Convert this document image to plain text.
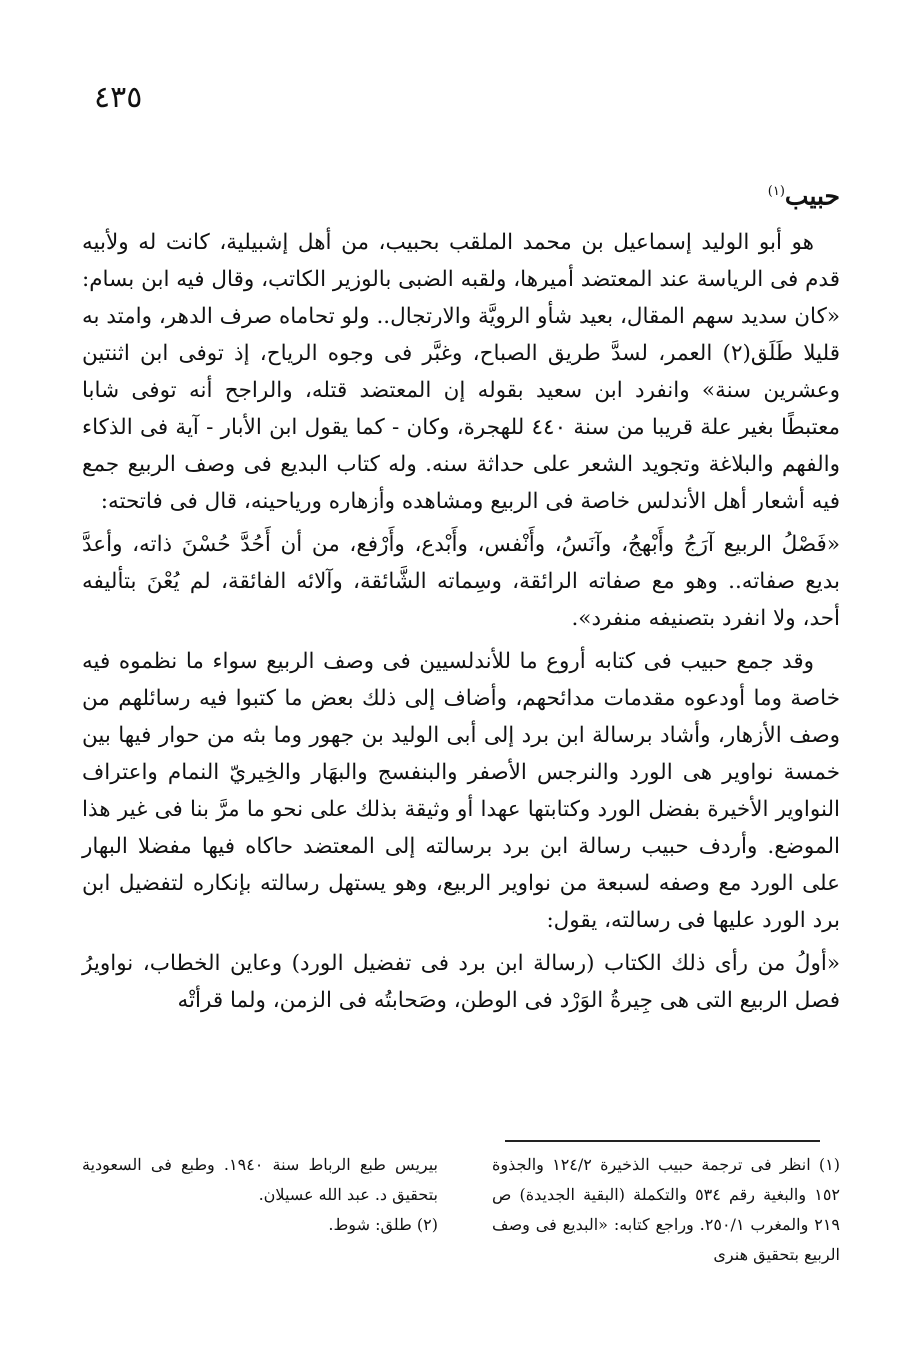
٤٣٥

حبيب$^{(١)}$

هو أبو الوليد إسماعيل بن محمد الملقب بحبيب، من أهل إشبيلية، كانت له ولأبيه قدم فى الرياسة عند المعتضد أميرها، ولقبه الضبى بالوزير الكاتب، وقال فيه ابن بسام: «كان سديد سهم المقال، بعيد شأو الرويَّة والارتجال.. ولو تحاماه صرف الدهر، وامتد به قليلا طَلَق(٢) العمر، لسدَّ طريق الصباح، وغبَّر فى وجوه الرياح، إذ توفى ابن اثنتين وعشرين سنة» وانفرد ابن سعيد بقوله إن المعتضد قتله، والراجح أنه توفى شابا معتبطًا بغير علة قريبا من سنة ٤٤٠ للهجرة، وكان - كما يقول ابن الأبار - آية فى الذكاء والفهم والبلاغة وتجويد الشعر على حداثة سنه. وله كتاب البديع فى وصف الربيع جمع فيه أشعار أهل الأندلس خاصة فى الربيع ومشاهده وأزهاره ورياحينه، قال فى فاتحته:

«فَصْلُ الربيع آرَجُ وأَبْهجُ، وآنَسُ، وأَنْفس، وأَبْدع، وأَرْفع، من أن أَحُدَّ حُسْنَ ذاته، وأعدَّ بديع صفاته.. وهو مع صفاته الرائقة، وسِماته الشَّائقة، وآلائه الفائقة، لم يُعْنَ بتأليفه أحد، ولا انفرد بتصنيفه منفرد».

وقد جمع حبيب فى كتابه أروع ما للأندلسيين فى وصف الربيع سواء ما نظموه فيه خاصة وما أودعوه مقدمات مدائحهم، وأضاف إلى ذلك بعض ما كتبوا فيه رسائلهم من وصف الأزهار، وأشاد برسالة ابن برد إلى أبى الوليد بن جهور وما بثه من حوار فيها بين خمسة نواوير هى الورد والنرجس الأصفر والبنفسج والبهَار والخِيريّ النمام واعتراف النواوير الأخيرة بفضل الورد وكتابتها عهدا أو وثيقة بذلك على نحو ما مرَّ بنا فى غير هذا الموضع. وأردف حبيب رسالة ابن برد برسالته إلى المعتضد حاكاه فيها مفضلا البهار على الورد مع وصفه لسبعة من نواوير الربيع، وهو يستهل رسالته بإنكاره لتفضيل ابن برد الورد عليها فى رسالته، يقول:

«أولُ من رأى ذلك الكتاب (رسالة ابن برد فى تفضيل الورد) وعاين الخطاب، نواويرُ فصل الربيع التى هى جِيرةُ الوَرْد فى الوطن، وصَحابتُه فى الزمن، ولما قرأتْه

(١) انظر فى ترجمة حبيب الذخيرة ١٢٤/٢ والجذوة ١٥٢ والبغية رقم ٥٣٤ والتكملة (البقية الجديدة) ص ٢١٩ والمغرب ٢٥٠/١. وراجع كتابه: «البديع فى وصف الربيع بتحقيق هنرى

بيريس طبع الرباط سنة ١٩٤٠. وطبع فى السعودية بتحقيق د. عبد الله عسيلان.

(٢) طلق: شوط.
